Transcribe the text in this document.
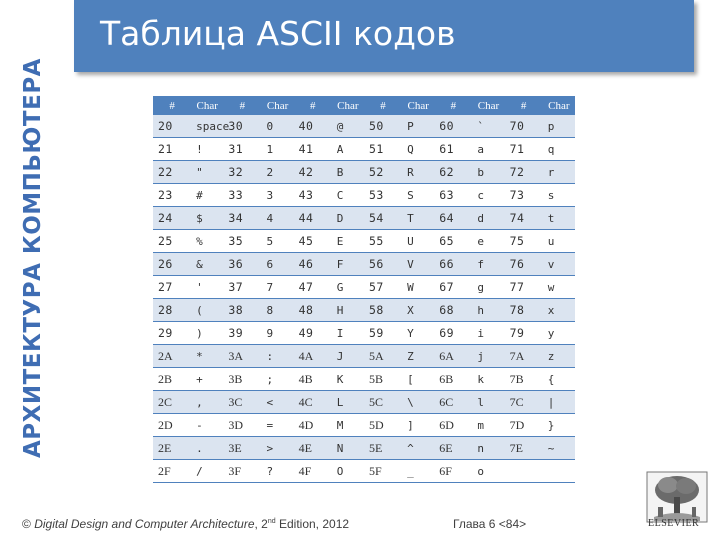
АРХИТЕКТУРА КОМПЬЮТЕРА
Таблица ASCII кодов
#	Char	#	Char	#	Char	#	Char	#	Char	#	Char
20	space	30	0	40	@	50	P	60	`	70	p
21	!	31	1	41	A	51	Q	61	a	71	q
22	"	32	2	42	B	52	R	62	b	72	r
23	#	33	3	43	C	53	S	63	c	73	s
24	$	34	4	44	D	54	T	64	d	74	t
25	%	35	5	45	E	55	U	65	e	75	u
26	&	36	6	46	F	56	V	66	f	76	v
27	'	37	7	47	G	57	W	67	g	77	w
28	(	38	8	48	H	58	X	68	h	78	x
29	)	39	9	49	I	59	Y	69	i	79	y
2A	*	3A	:	4A	J	5A	Z	6A	j	7A	z
2B	+	3B	;	4B	K	5B	[	6B	k	7B	{
2C	,	3C	<	4C	L	5C	\	6C	l	7C	|
2D	-	3D	=	4D	M	5D	]	6D	m	7D	}
2E	.	3E	>	4E	N	5E	^	6E	n	7E	~
2F	/	3F	?	4F	O	5F	_	6F	o		
© Digital Design and Computer Architecture, 2nd Edition, 2012	Глава 6 <84>	ELSEVIER
